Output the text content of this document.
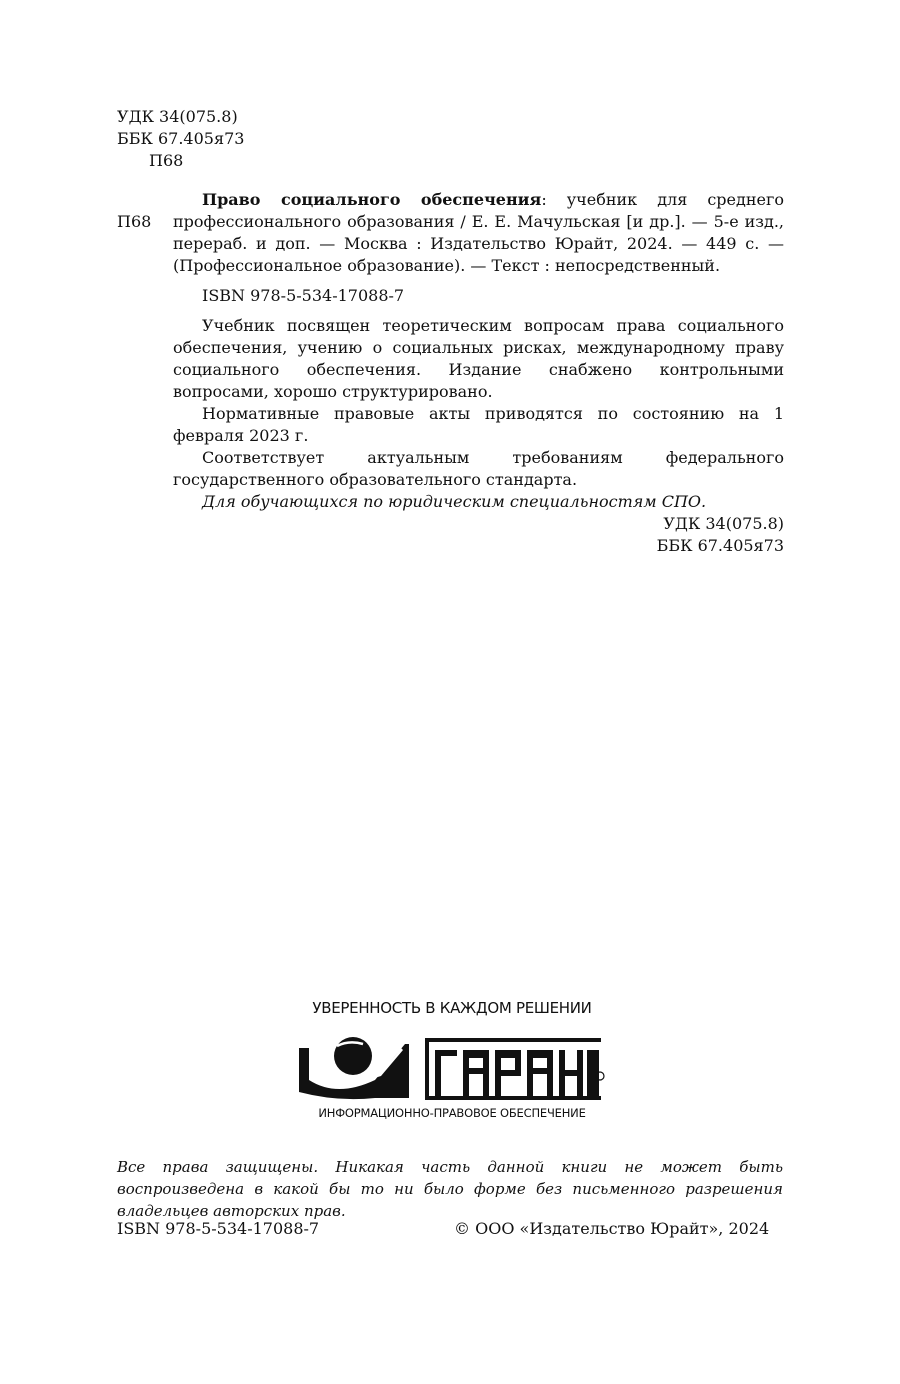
УДК 34(075.8)
ББК 67.405я73
П68
П68

Право социального обеспечения: учебник для среднего профессионального образования / Е. Е. Мачульская [и др.]. — 5-е изд., перераб. и доп. — Москва : Издательство Юрайт, 2024. — 449 с. — (Профессиональное образование). — Текст : непосредственный.

ISBN 978-5-534-17088-7

Учебник посвящен теоретическим вопросам права социального обеспечения, учению о социальных рисках, международному праву социального обеспечения. Издание снабжено контрольными вопросами, хорошо структурировано.

Нормативные правовые акты приводятся по состоянию на 1 февраля 2023 г.

Соответствует актуальным требованиям федерального государственного образовательного стандарта.

Для обучающихся по юридическим специальностям СПО.

УДК 34(075.8)

ББК 67.405я73

УВЕРЕННОСТЬ В КАЖДОМ РЕШЕНИИ
ИНФОРМАЦИОННО-ПРАВОВОЕ ОБЕСПЕЧЕНИЕ

Все права защищены. Никакая часть данной книги не может быть воспроизведена в какой бы то ни было форме без письменного разрешения владельцев авторских прав.

ISBN 978-5-534-17088-7	© ООО «Издательство Юрайт», 2024
